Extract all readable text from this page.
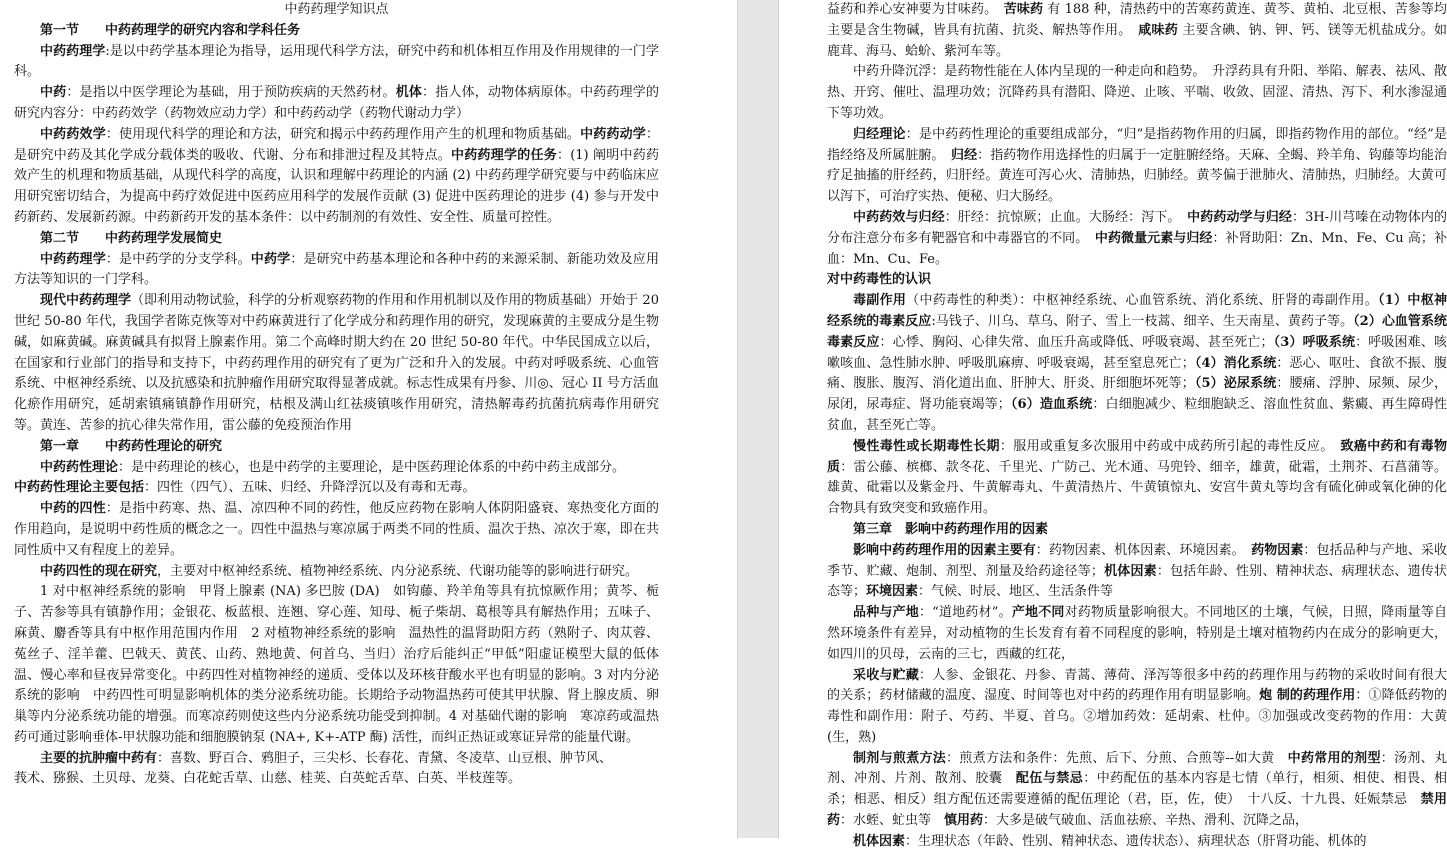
中药药理学知识点

第一节 中药药理学的研究内容和学科任务

中药药理学:是以中药学基本理论为指导，运用现代科学方法，研究中药和机体相互作用及作用规律的一门学科。

中药：是指以中医学理论为基础，用于预防疾病的天然药材。机体：指人体，动物体病原体。中药药理学的研究内容分：中药药效学（药物效应动力学）和中药药动学（药物代谢动力学）

中药药效学：使用现代科学的理论和方法，研究和揭示中药药理作用产生的机理和物质基础。中药药动学：是研究中药及其化学成分载体类的吸收、代谢、分布和排泄过程及其特点。中药药理学的任务：(1) 阐明中药药效产生的机理和物质基础，从现代科学的高度，认识和理解中药理论的内涵 (2) 中药药理学研究要与中药临床应用研究密切结合，为提高中药疗效促进中医药应用科学的发展作贡献 (3) 促进中医药理论的进步 (4) 参与开发中药新药、发展新药源。中药新药开发的基本条件：以中药制剂的有效性、安全性、质量可控性。

第二节 中药药理学发展简史

中药药理学：是中药学的分支学科。中药学：是研究中药基本理论和各种中药的来源采制、新能功效及应用方法等知识的一门学科。

现代中药药理学（即利用动物试验，科学的分析观察药物的作用和作用机制以及作用的物质基础）开始于 20 世纪 50-80 年代，我国学者陈克恢等对中药麻黄进行了化学成分和药理作用的研究，发现麻黄的主要成分是生物碱，如麻黄碱。麻黄碱具有拟肾上腺素作用。第二个高峰时期大约在 20 世纪 50-80 年代。中华民国成立以后，在国家和行业部门的指导和支持下，中药药理作用的研究有了更为广泛和升入的发展。中药对呼吸系统、心血管系统、中枢神经系统、以及抗感染和抗肿瘤作用研究取得显著成就。标志性成果有丹参、川◎、冠心 II 号方活血化瘀作用研究，延胡索镇痛镇静作用研究，枯根及满山红祛痰镇咳作用研究，清热解毒药抗菌抗病毒作用研究等。黄连、苦参的抗心律失常作用，雷公藤的免疫预治作用

第一章 中药药性理论的研究

中药药性理论：是中药理论的核心，也是中药学的主要理论，是中医药理论体系的中药中药主成部分。

中药药性理论主要包括：四性（四气）、五味、归经、升降浮沉以及有毒和无毒。

中药的四性：是指中药寒、热、温、凉四种不同的药性，他反应药物在影响人体阴阳盛衰、寒热变化方面的作用趋向，是说明中药性质的概念之一。四性中温热与寒凉属于两类不同的性质、温次于热、凉次于寒，即在共同性质中又有程度上的差异。

中药四性的现在研究，主要对中枢神经系统、植物神经系统、内分泌系统、代谢功能等的影响进行研究。

1 对中枢神经系统的影响　甲肾上腺素 (NA) 多巴胺 (DA)　如钩藤、羚羊角等具有抗惊厥作用；黄芩、栀子、苦参等具有镇静作用；金银花、板蓝根、连翘、穿心莲、知母、栀子柴胡、葛根等具有解热作用；五味子、麻黄、麝香等具有中枢作用范围内作用　2 对植物神经系统的影响　温热性的温肾助阳方药（熟附子、肉苁蓉、菟丝子、淫羊藿、巴戟天、黄芪、山药、熟地黄、何首乌、当归）治疗后能纠正“甲低”阳虚证模型大鼠的低体温、慢心率和昼夜异常变化。中药四性对植物神经的递质、受体以及环核苷酸水平也有明显的影响。3 对内分泌系统的影响　中药四性可明显影响机体的类分泌系统功能。长期给予动物温热药可使其甲状腺、肾上腺皮质、卵巢等内分泌系统功能的增强。而寒凉药则使这些内分泌系统功能受到抑制。4 对基础代谢的影响　寒凉药或温热药可通过影响垂体-甲状腺功能和细胞膜钠泵 (NA+, K+-ATP 酶) 活性，而纠正热证或寒证异常的能量代谢。

主要的抗肿瘤中药有：喜数、野百合、鸦胆子，三尖杉、长春花、青黛、冬凌草、山豆根、肿节风、

莪术、猕猴、土贝母、龙葵、白花蛇舌草、山慈、桂荚、白英蛇舌草、白英、半枝莲等。

益药和养心安神要为甘味药。　苦味药 有 188 种，清热药中的苦寒药黄连、黄芩、黄柏、北豆根、苦参等均主要是含生物碱，皆具有抗菌、抗炎、解热等作用。　咸味药 主要含碘、钠、钾、钙、镁等无机盐成分。如鹿茸、海马、蛤蚧、紫河车等。

中药升降沉浮：是药物性能在人体内呈现的一种走向和趋势。　升浮药具有升阳、举陷、解表、祛风、散热、开窍、催吐、温理功效；沉降药具有潜阳、降逆、止咳、平喘、收敛、固涩、清热、泻下、利水渗湿通下等功效。

归经理论：是中药药性理论的重要组成部分，“归”是指药物作用的归属，即指药物作用的部位。“经”是指经络及所属脏腑。　归经：指药物作用选择性的归属于一定脏腑经络。天麻、全蝎、羚羊角、钩藤等均能治疗足抽搐的肝经药，归肝经。黄连可泻心火、清肺热，归肺经。黄芩偏于泄肺火、清肺热，归肺经。大黄可以泻下，可治疗实热、便秘、归大肠经。

中药药效与归经：肝经：抗惊厥；止血。大肠经：泻下。　中药药动学与归经：3H-川芎嗪在动物体内的分布注意分布多有靶器官和中毒器官的不同。　中药微量元素与归经：补肾助阳：Zn、Mn、Fe、Cu 高；补血：Mn、Cu、Fe。

对中药毒性的认识

毒副作用（中药毒性的种类）：中枢神经系统、心血管系统、消化系统、肝肾的毒副作用。（1）中枢神经系统的毒素反应:马钱子、川乌、草乌、附子、雪上一枝蒿、细辛、生天南星、黄药子等。（2）心血管系统毒素反应：心悸、胸闷、心律失常、血压升高或降低、呼吸衰竭、甚至死亡；（3）呼吸系统：呼吸困难、咳嗽咳血、急性肺水肿、呼吸肌麻痹、呼吸衰竭，甚至窒息死亡；（4）消化系统：恶心、呕吐、食欲不振、腹痛、腹胀、腹泻、消化道出血、肝肿大、肝炎、肝细胞坏死等；（5）泌尿系统：腰痛、浮肿、尿频、尿少，尿闭，尿毒症、肾功能衰竭等；（6）造血系统：白细胞减少、粒细胞缺乏、溶血性贫血、紫癜、再生障碍性贫血，甚至死亡等。

慢性毒性或长期毒性长期：服用或重复多次服用中药或中成药所引起的毒性反应。　致癌中药和有毒物质：雷公藤、槟榔、款冬花、千里光、广防己、光木通、马兜铃、细辛，雄黄，砒霜，土荆芥、石菖蒲等。雄黄、砒霜以及紫金丹、牛黄解毒丸、牛黄清热片、牛黄镇惊丸、安宫牛黄丸等均含有硫化砷或氧化砷的化合物具有致突变和致癌作用。

第三章　 影响中药药理作用的因素

影响中药药理作用的因素主要有：药物因素、机体因素、环境因素。　药物因素：包括品种与产地、采收季节、贮藏、炮制、剂型、剂量及给药途径等；机体因素：包括年龄、性别、精神状态、病理状态、遗传状态等；环境因素：气候、时辰、地区、生活条件等

品种与产地：“道地药材”。产地不同对药物质量影响很大。不同地区的土壤，气候，日照，降雨量等自然环境条件有差异，对动植物的生长发育有着不同程度的影响，特别是土壤对植物药内在成分的影响更大，如四川的贝母，云南的三七，西藏的红花，

采收与贮藏：人参、金银花、丹参、青蒿、薄荷、泽泻等很多中药的药理作用与药物的采收时间有很大的关系；药材储藏的温度、湿度、时间等也对中药的药理作用有明显影响。炮 制的药理作用：①降低药物的毒性和副作用：附子、芍药、半夏、首乌。②增加药效：延胡索、杜仲。③加强或改变药物的作用：大黄(生，熟)

制剂与煎煮方法：煎煮方法和条件：先煎、后下、分煎、合煎等--如大黄　中药常用的剂型：汤剂、丸剂、冲剂、片剂、散剂、胶囊　配伍与禁忌：中药配伍的基本内容是七情（单行，相须、相使、相畏、相杀；相恶、相反）组方配伍还需要遵循的配伍理论（君，臣，佐，使）　十八反、十九畏、妊娠禁忌　禁用药：水蛭、虻虫等　慎用药：大多是破气破血、活血祛瘀、辛热、滑利、沉降之品，

机体因素：生理状态（年龄、性别、精神状态、遗传状态）、病理状态（肝肾功能、机体的
